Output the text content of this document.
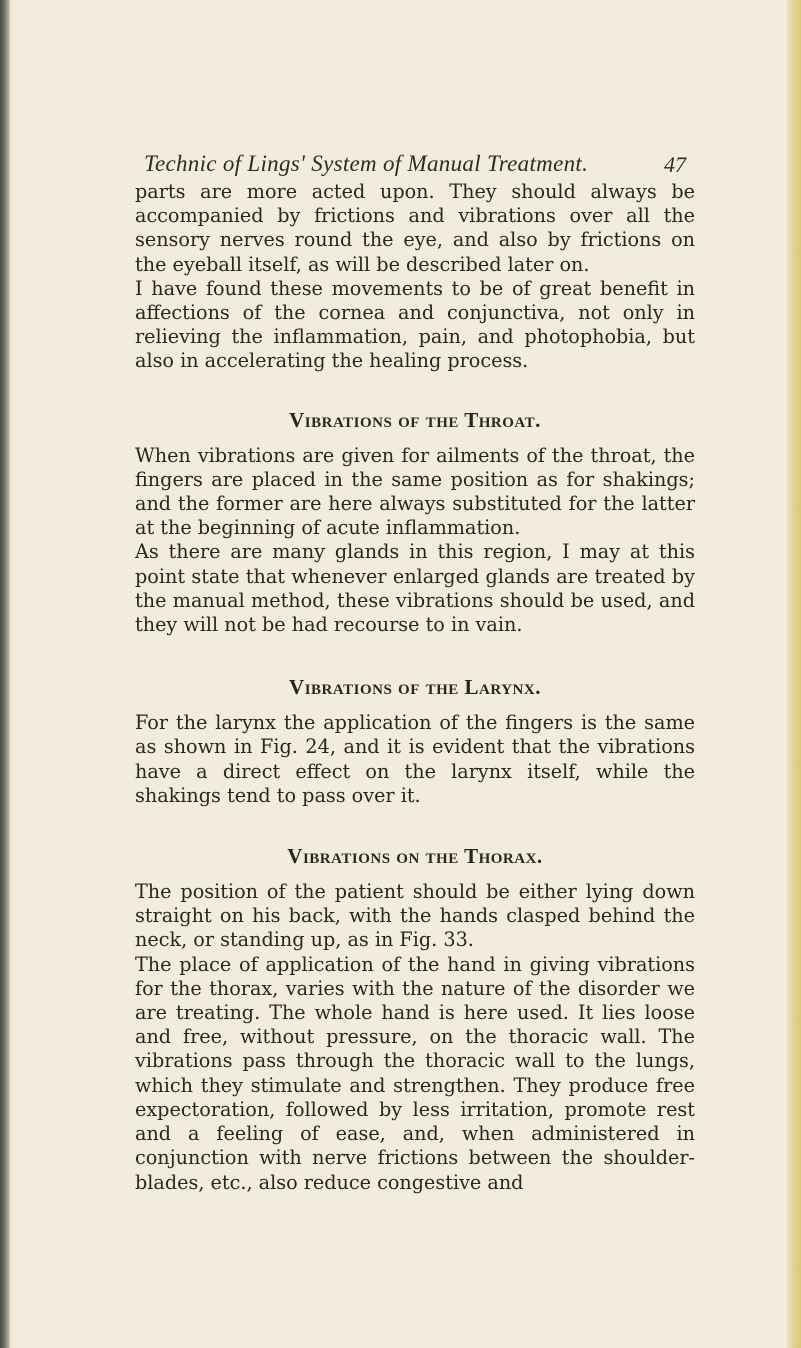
Technic of Lings' System of Manual Treatment.	47

parts are more acted upon. They should always be accompanied by frictions and vibrations over all the sensory nerves round the eye, and also by frictions on the eyeball itself, as will be described later on.

I have found these movements to be of great benefit in affections of the cornea and conjunctiva, not only in relieving the inflammation, pain, and photophobia, but also in accelerating the healing process.

Vibrations of the Throat.

When vibrations are given for ailments of the throat, the fingers are placed in the same position as for shakings; and the former are here always substituted for the latter at the beginning of acute inflammation.

As there are many glands in this region, I may at this point state that whenever enlarged glands are treated by the manual method, these vibrations should be used, and they will not be had recourse to in vain.

Vibrations of the Larynx.

For the larynx the application of the fingers is the same as shown in Fig. 24, and it is evident that the vibrations have a direct effect on the larynx itself, while the shakings tend to pass over it.

Vibrations on the Thorax.

The position of the patient should be either lying down straight on his back, with the hands clasped behind the neck, or standing up, as in Fig. 33.

The place of application of the hand in giving vibrations for the thorax, varies with the nature of the disorder we are treating. The whole hand is here used. It lies loose and free, without pressure, on the thoracic wall. The vibrations pass through the thoracic wall to the lungs, which they stimulate and strengthen. They produce free expectoration, followed by less irritation, promote rest and a feeling of ease, and, when administered in conjunction with nerve frictions between the shoulder-blades, etc., also reduce congestive and
